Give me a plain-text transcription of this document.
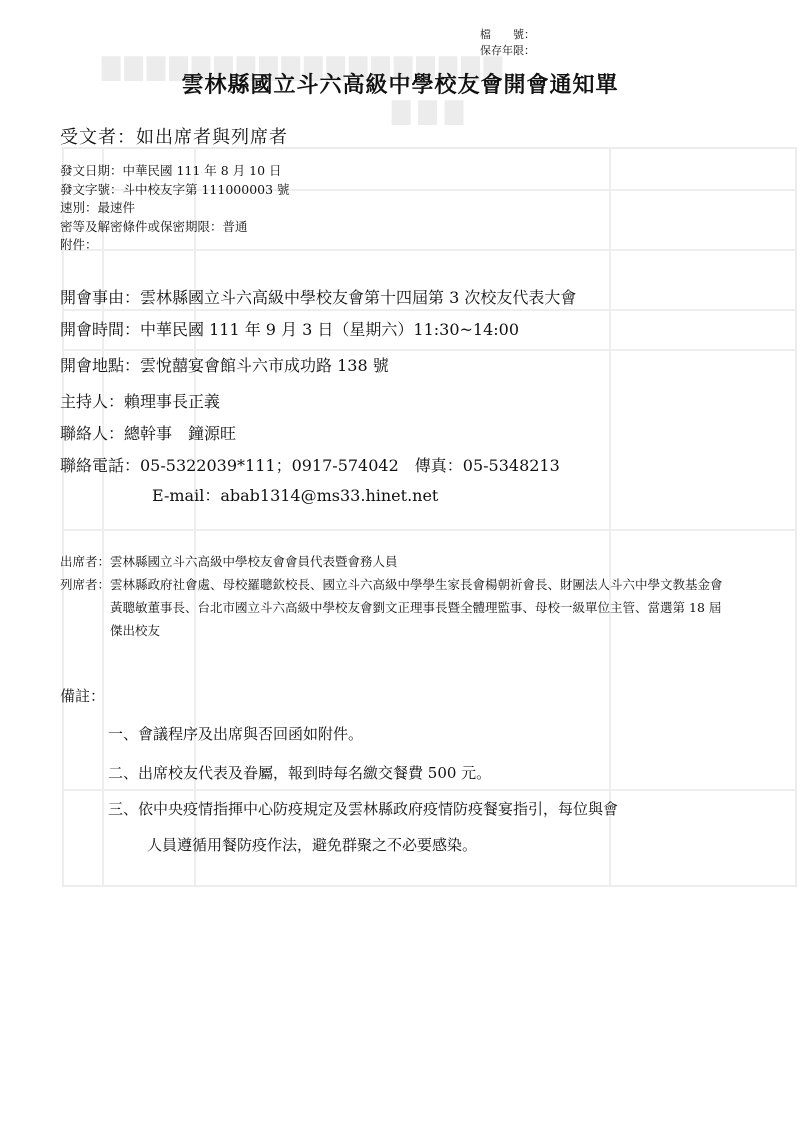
▇▇▇▇▇▇▇▇▇▇▇▇▇▇▇▇▇▇
▇▇▇
檔　　號：
保存年限：
雲林縣國立斗六高級中學校友會開會通知單
受文者：如出席者與列席者
發文日期：中華民國 111 年 8 月 10 日
發文字號：斗中校友字第 111000003 號
速別：最速件
密等及解密條件或保密期限：普通
附件：
開會事由：雲林縣國立斗六高級中學校友會第十四屆第 3 次校友代表大會
開會時間：中華民國 111 年 9 月 3 日（星期六）11:30~14:00
開會地點：雲悅囍宴會館斗六市成功路 138 號
主持人：賴理事長正義
聯絡人：總幹事　鐘源旺
聯絡電話：05-5322039*111；0917-574042　傳真：05-5348213
E-mail：abab1314@ms33.hinet.net
出席者： 雲林縣國立斗六高級中學校友會會員代表暨會務人員
列席者： 雲林縣政府社會處、母校羅聰欽校長、國立斗六高級中學學生家長會楊朝祈會長、財團法人斗六中學文教基金會黃聰敏董事長、台北市國立斗六高級中學校友會劉文正理事長暨全體理監事、母校一級單位主管、當選第 18 屆傑出校友
備註：
一、會議程序及出席與否回函如附件。
二、出席校友代表及眷屬，報到時每名繳交餐費 500 元。
三、依中央疫情指揮中心防疫規定及雲林縣政府疫情防疫餐宴指引，每位與會
人員遵循用餐防疫作法，避免群聚之不必要感染。
